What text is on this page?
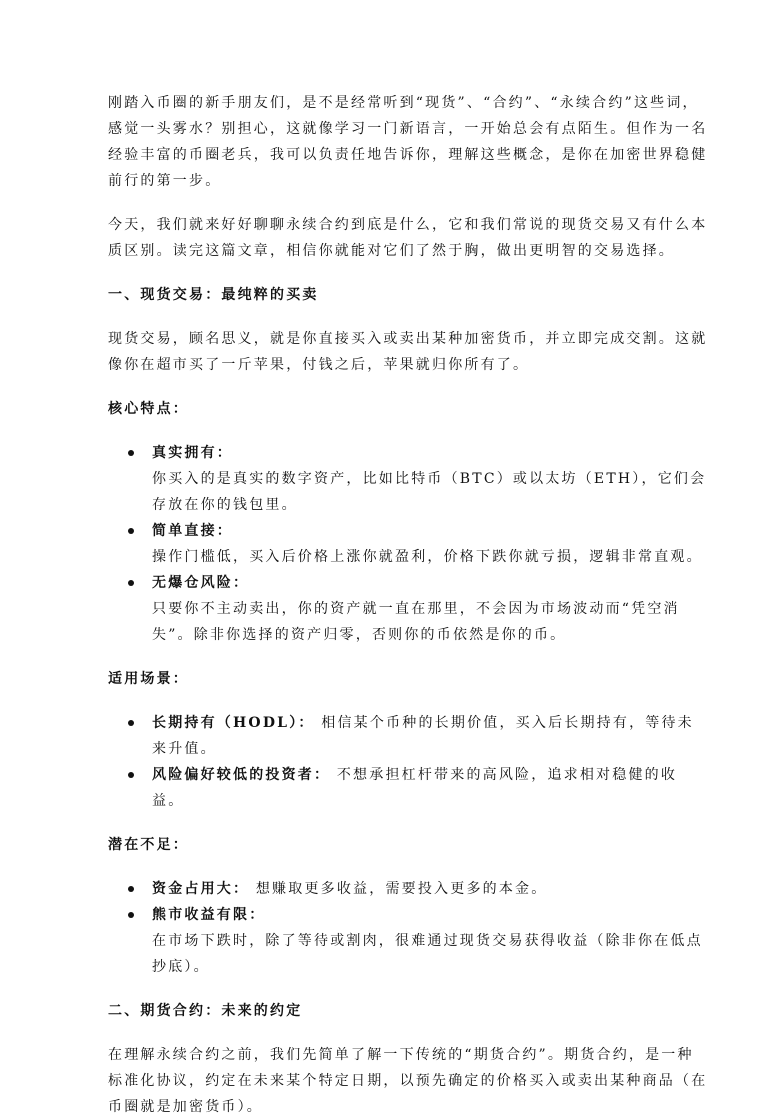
刚踏入币圈的新手朋友们，是不是经常听到“现货”、“合约”、“永续合约”这些词，感觉一头雾水？别担心，这就像学习一门新语言，一开始总会有点陌生。但作为一名经验丰富的币圈老兵，我可以负责任地告诉你，理解这些概念，是你在加密世界稳健前行的第一步。

今天，我们就来好好聊聊永续合约到底是什么，它和我们常说的现货交易又有什么本质区别。读完这篇文章，相信你就能对它们了然于胸，做出更明智的交易选择。

一、现货交易：最纯粹的买卖

现货交易，顾名思义，就是你直接买入或卖出某种加密货币，并立即完成交割。这就像你在超市买了一斤苹果，付钱之后，苹果就归你所有了。

核心特点：
真实拥有：
你买入的是真实的数字资产，比如比特币（BTC）或以太坊（ETH），它们会存放在你的钱包里。
简单直接：
操作门槛低，买入后价格上涨你就盈利，价格下跌你就亏损，逻辑非常直观。
无爆仓风险：
只要你不主动卖出，你的资产就一直在那里，不会因为市场波动而“凭空消失”。除非你选择的资产归零，否则你的币依然是你的币。
适用场景：
长期持有（HODL）： 相信某个币种的长期价值，买入后长期持有，等待未来升值。
风险偏好较低的投资者： 不想承担杠杆带来的高风险，追求相对稳健的收益。
潜在不足：
资金占用大： 想赚取更多收益，需要投入更多的本金。
熊市收益有限：
在市场下跌时，除了等待或割肉，很难通过现货交易获得收益（除非你在低点抄底）。
二、期货合约：未来的约定

在理解永续合约之前，我们先简单了解一下传统的“期货合约”。期货合约，是一种标准化协议，约定在未来某个特定日期，以预先确定的价格买入或卖出某种商品（在币圈就是加密货币）。
